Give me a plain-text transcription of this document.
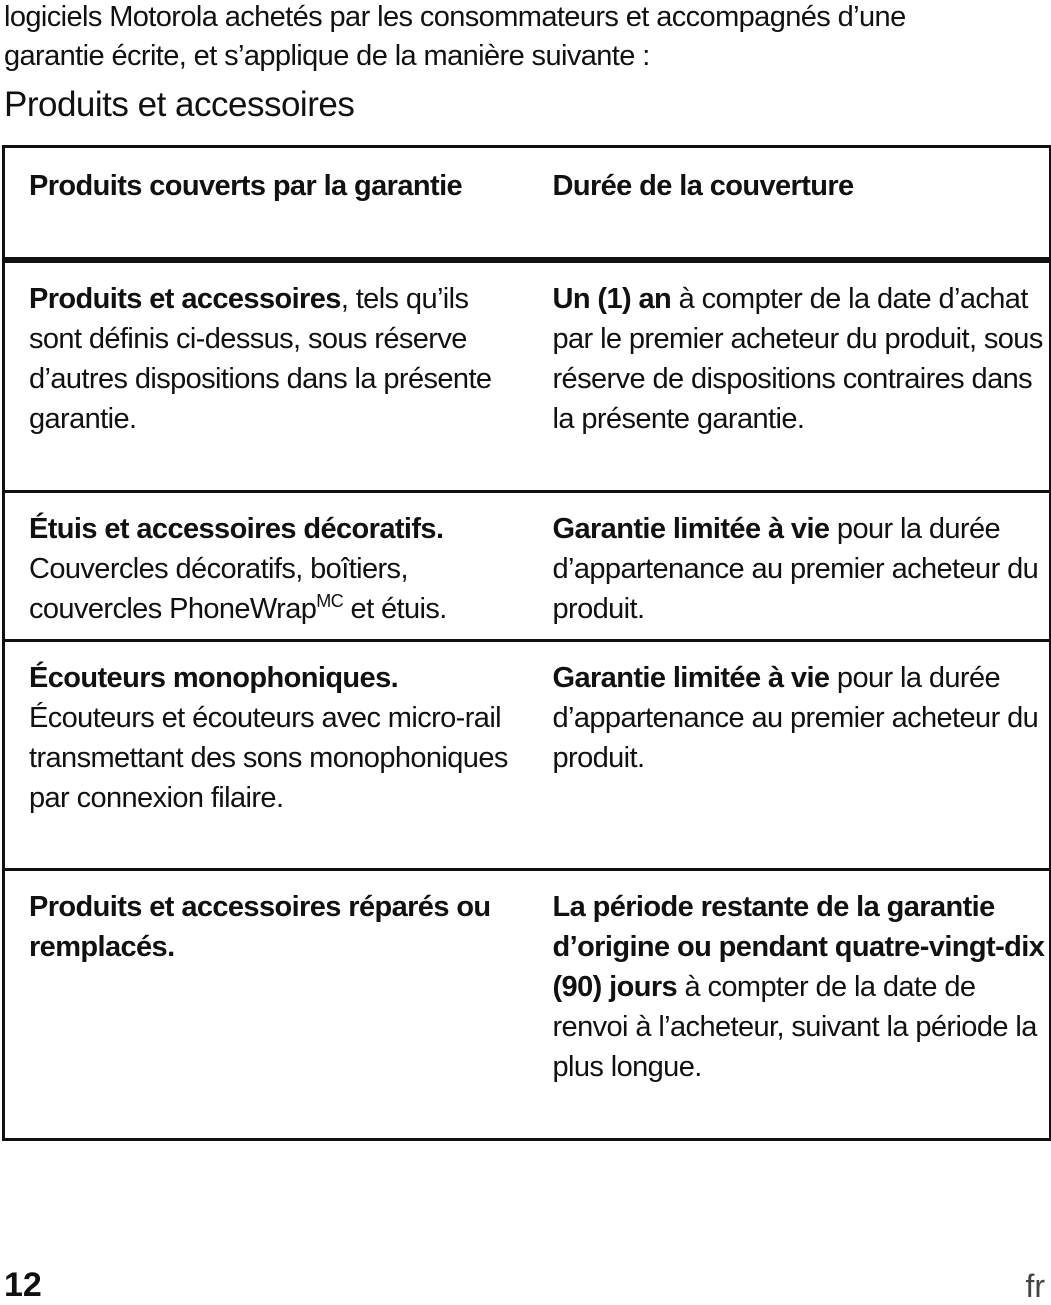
logiciels Motorola achetés par les consommateurs et accompagnés d’une

garantie écrite, et s’applique de la manière suivante :

Produits et accessoires
Produits couverts par la garantie	Durée de la couverture

Produits et accessoires, tels qu’ils sont définis ci-dessus, sous réserve d’autres dispositions dans la présente garantie.	Un (1) an à compter de la date d’achat par le premier acheteur du produit, sous réserve de dispositions contraires dans la présente garantie.

Étuis et accessoires décoratifs.
Couvercles décoratifs, boîtiers, couvercles PhoneWrap$^{MC}$ et étuis.	Garantie limitée à vie pour la durée d’appartenance au premier acheteur du produit.

Écouteurs monophoniques.
Écouteurs et écouteurs avec micro-rail transmettant des sons monophoniques par connexion filaire.	Garantie limitée à vie pour la durée d’appartenance au premier acheteur du produit.

Produits et accessoires réparés ou remplacés.	La période restante de la garantie d’origine ou pendant quatre-vingt-dix (90) jours à compter de la date de renvoi à l’acheteur, suivant la période la plus longue.
12	fr
